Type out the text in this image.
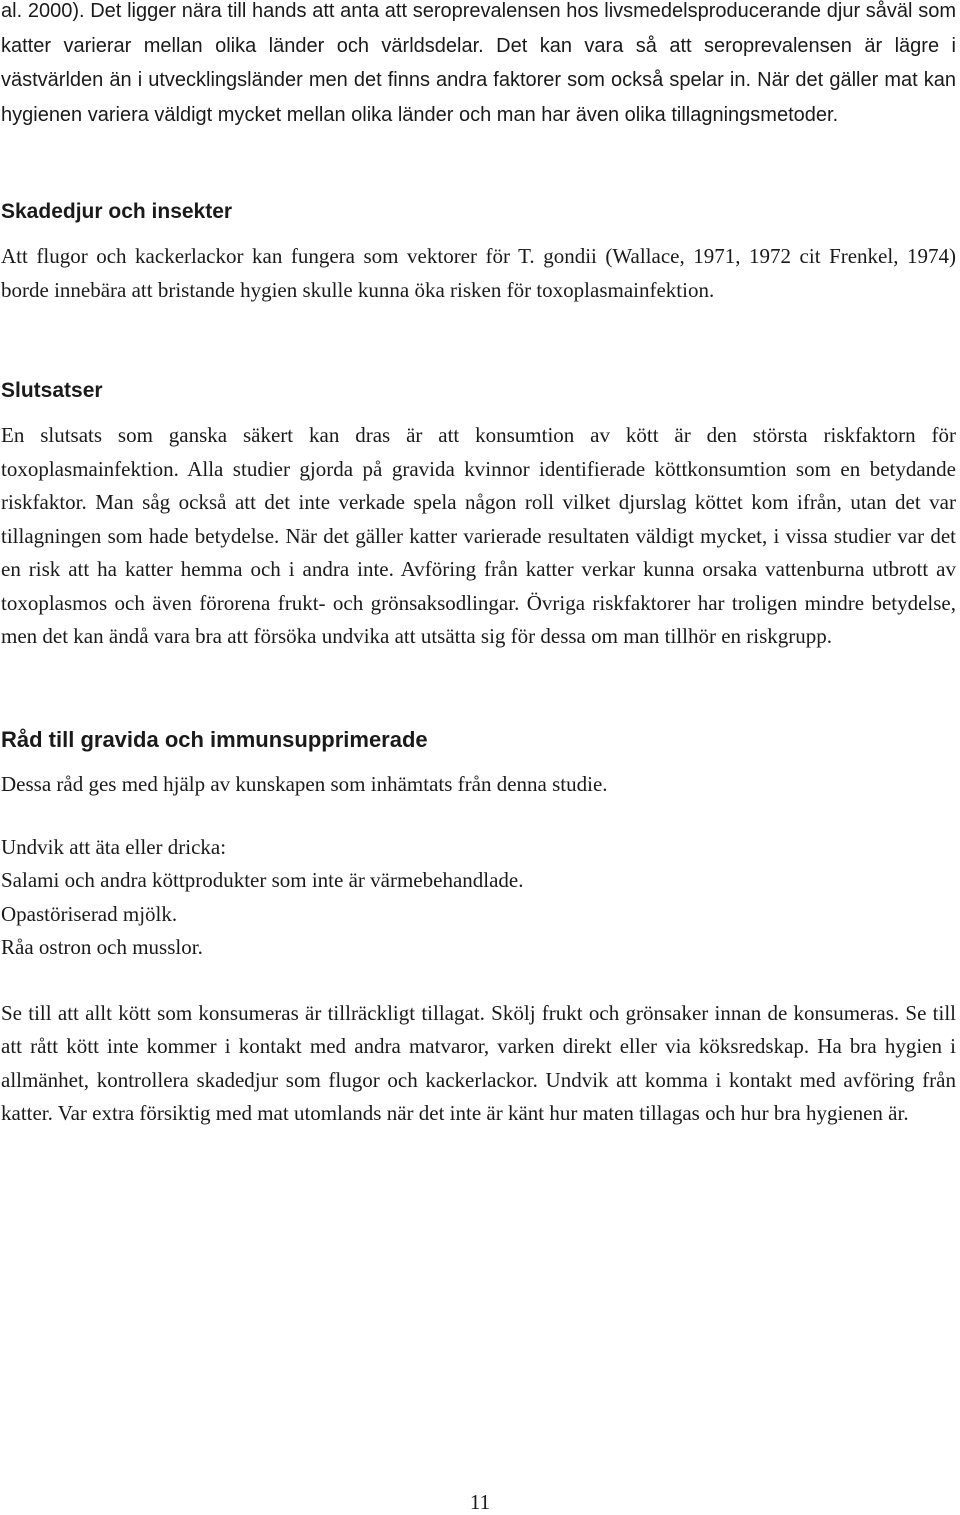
al. 2000). Det ligger nära till hands att anta att seroprevalensen hos livsmedelsproducerande djur såväl som katter varierar mellan olika länder och världsdelar. Det kan vara så att seroprevalensen är lägre i västvärlden än i utvecklingsländer men det finns andra faktorer som också spelar in. När det gäller mat kan hygienen variera väldigt mycket mellan olika länder och man har även olika tillagningsmetoder.

Skadedjur och insekter

Att flugor och kackerlackor kan fungera som vektorer för T. gondii (Wallace, 1971, 1972 cit Frenkel, 1974) borde innebära att bristande hygien skulle kunna öka risken för toxoplasmainfektion.

Slutsatser

En slutsats som ganska säkert kan dras är att konsumtion av kött är den största riskfaktorn för toxoplasmainfektion. Alla studier gjorda på gravida kvinnor identifierade köttkonsumtion som en betydande riskfaktor. Man såg också att det inte verkade spela någon roll vilket djurslag köttet kom ifrån, utan det var tillagningen som hade betydelse. När det gäller katter varierade resultaten väldigt mycket, i vissa studier var det en risk att ha katter hemma och i andra inte. Avföring från katter verkar kunna orsaka vattenburna utbrott av toxoplasmos och även förorena frukt- och grönsaksodlingar. Övriga riskfaktorer har troligen mindre betydelse, men det kan ändå vara bra att försöka undvika att utsätta sig för dessa om man tillhör en riskgrupp.

Råd till gravida och immunsupprimerade

Dessa råd ges med hjälp av kunskapen som inhämtats från denna studie.

Undvik att äta eller dricka:

Salami och andra köttprodukter som inte är värmebehandlade.

Opastöriserad mjölk.

Råa ostron och musslor.

Se till att allt kött som konsumeras är tillräckligt tillagat. Skölj frukt och grönsaker innan de konsumeras. Se till att rått kött inte kommer i kontakt med andra matvaror, varken direkt eller via köksredskap. Ha bra hygien i allmänhet, kontrollera skadedjur som flugor och kackerlackor. Undvik att komma i kontakt med avföring från katter. Var extra försiktig med mat utomlands när det inte är känt hur maten tillagas och hur bra hygienen är.

11
